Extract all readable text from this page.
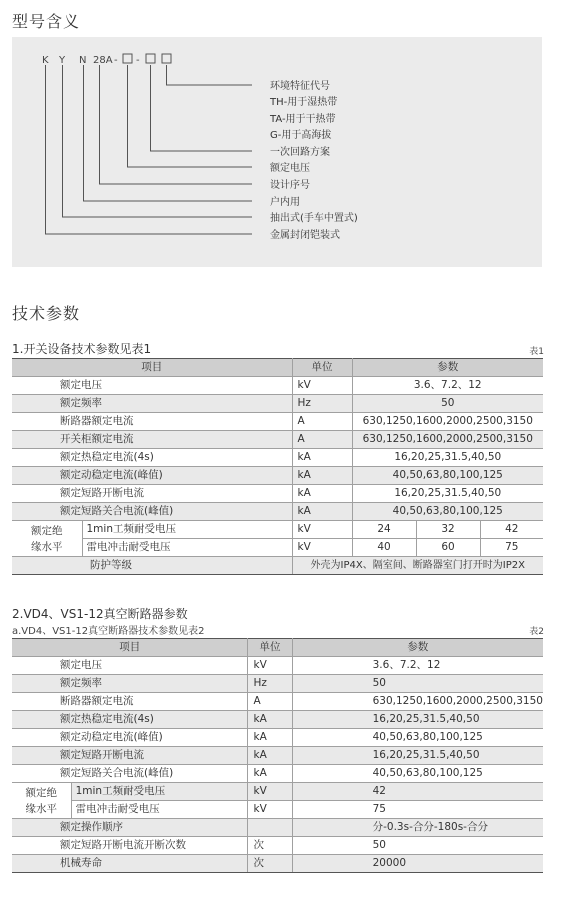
型号含义
K Y N 28A - -
环境特征代号
TH-用于湿热带
TA-用于干热带
G-用于高海拔
一次回路方案
额定电压
设计序号
户内用
抽出式(手车中置式)
金属封闭铠装式
技术参数
1.开关设备技术参数见表1	表1
项目		单位	参数		
额定电压		kV	3.6、7.2、12		
额定频率		Hz	50		
断路器额定电流		A	630,1250,1600,2000,2500,3150		
开关柜额定电流		A	630,1250,1600,2000,2500,3150		
额定热稳定电流(4s)		kA	16,20,25,31.5,40,50		
额定动稳定电流(峰值)		kA	40,50,63,80,100,125		
额定短路开断电流		kA	16,20,25,31.5,40,50		
额定短路关合电流(峰值)		kA	40,50,63,80,100,125		
额定绝
缘水平	1min工频耐受电压	kV	24	32	42
	雷电冲击耐受电压	kV	40	60	75
防护等级		外壳为IP4X、隔室间、断路器室门打开时为IP2X			
2.VD4、VS1-12真空断路器参数
a.VD4、VS1-12真空断路器技术参数见表2	表2
项目		单位	参数
额定电压		kV	3.6、7.2、12
额定频率		Hz	50
断路器额定电流		A	630,1250,1600,2000,2500,3150
额定热稳定电流(4s)		kA	16,20,25,31.5,40,50
额定动稳定电流(峰值)		kA	40,50,63,80,100,125
额定短路开断电流		kA	16,20,25,31.5,40,50
额定短路关合电流(峰值)		kA	40,50,63,80,100,125
额定绝
缘水平	1min工频耐受电压	kV	42
	雷电冲击耐受电压	kV	75
额定操作顺序			分-0.3s-合分-180s-合分
额定短路开断电流开断次数		次	50
机械寿命		次	20000
